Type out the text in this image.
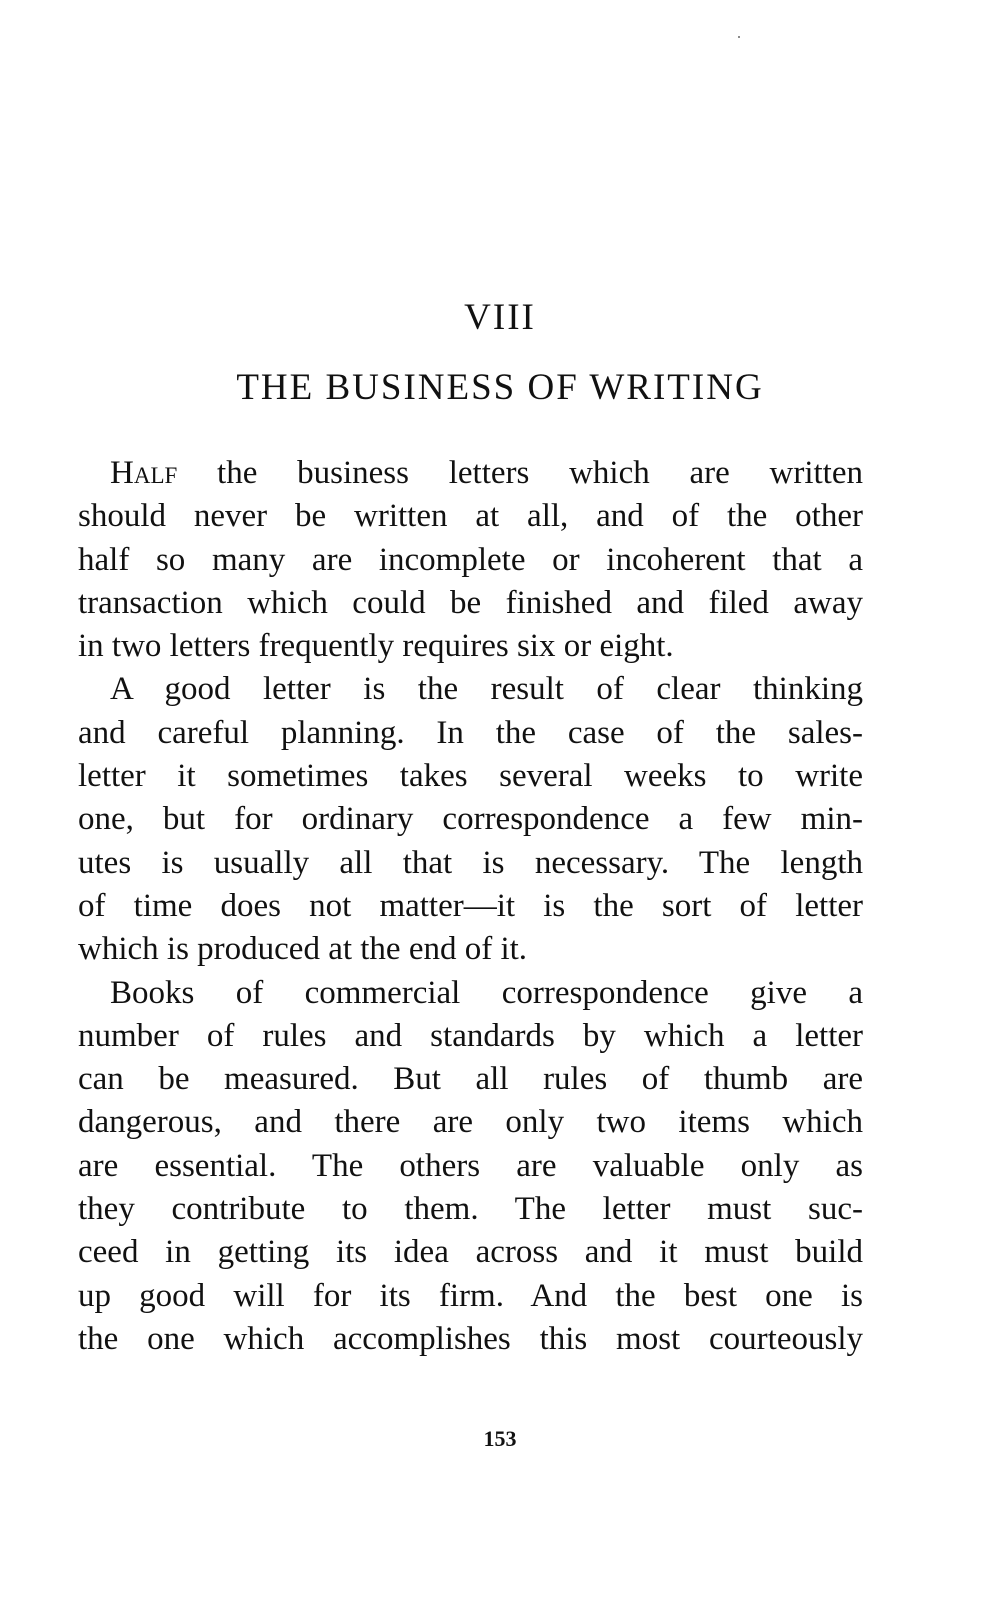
VIII
THE BUSINESS OF WRITING
Half the business letters which are written
should never be written at all, and of the other
half so many are incomplete or incoherent that a
transaction which could be finished and filed away
in two letters frequently requires six or eight.
A good letter is the result of clear thinking
and careful planning. In the case of the sales-
letter it sometimes takes several weeks to write
one, but for ordinary correspondence a few min-
utes is usually all that is necessary. The length
of time does not matter—it is the sort of letter
which is produced at the end of it.
Books of commercial correspondence give a
number of rules and standards by which a letter
can be measured. But all rules of thumb are
dangerous, and there are only two items which
are essential. The others are valuable only as
they contribute to them. The letter must suc-
ceed in getting its idea across and it must build
up good will for its firm. And the best one is
the one which accomplishes this most courteously
153
